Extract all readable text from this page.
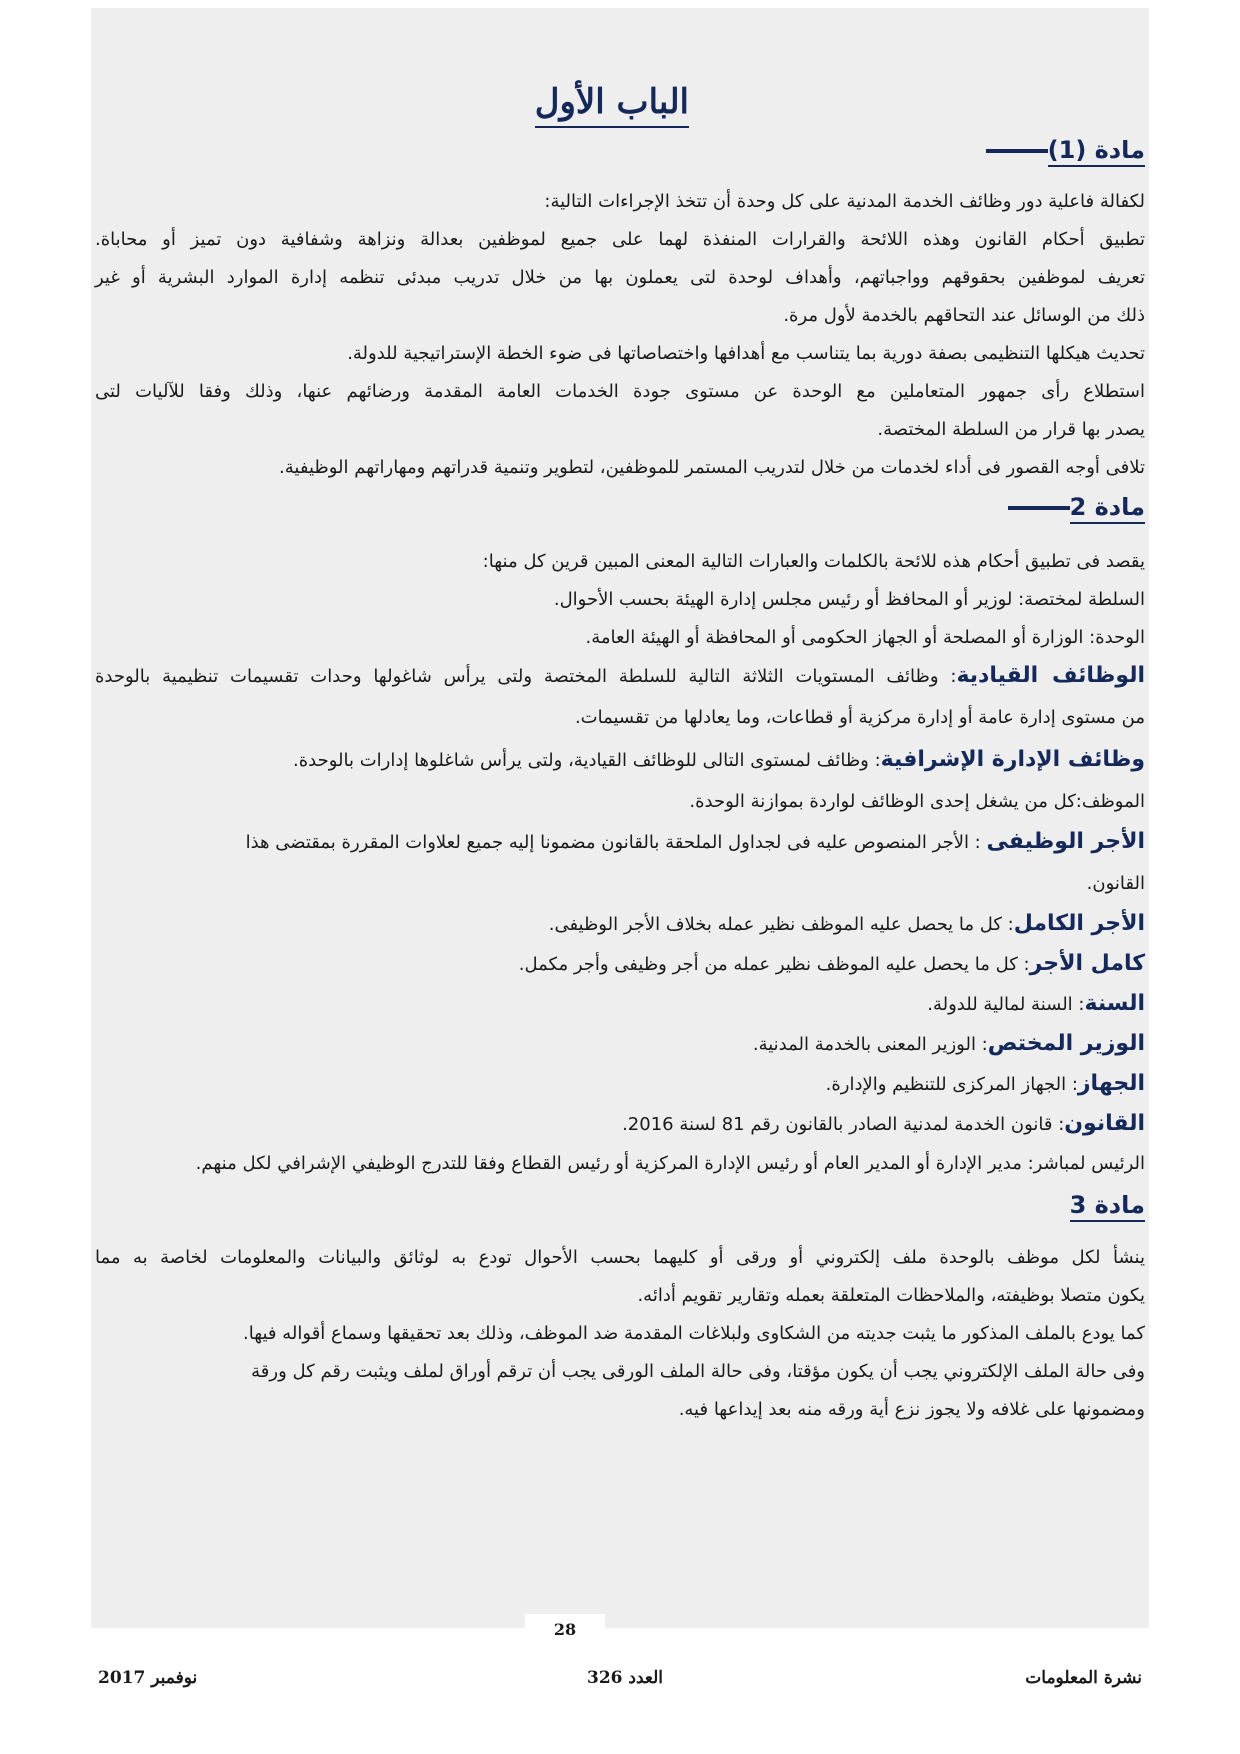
الباب الأول
مادة (1)
لكفالة فاعلية دور وظائف الخدمة المدنية على كل وحدة أن تتخذ الإجراءات التالية:
تطبيق أحكام القانون وهذه اللائحة والقرارات المنفذة لهما على جميع لموظفين بعدالة ونزاهة وشفافية دون تميز أو محاباة.
تعريف لموظفين بحقوقهم وواجباتهم، وأهداف لوحدة لتى يعملون بها من خلال تدريب مبدئى تنظمه إدارة الموارد البشرية أو غير
ذلك من الوسائل عند التحاقهم بالخدمة لأول مرة.
تحديث هيكلها التنظيمى بصفة دورية بما يتناسب مع أهدافها واختصاصاتها فى ضوء الخطة الإستراتيجية للدولة.
استطلاع رأى جمهور المتعاملين مع الوحدة عن مستوى جودة الخدمات العامة المقدمة ورضائهم عنها، وذلك وفقا للآليات لتى
يصدر بها قرار من السلطة المختصة.
تلافى أوجه القصور فى أداء لخدمات من خلال لتدريب المستمر للموظفين، لتطوير وتنمية قدراتهم ومهاراتهم الوظيفية.
مادة 2
يقصد فى تطبيق أحكام هذه للائحة بالكلمات والعبارات التالية المعنى المبين قرين كل منها:
السلطة لمختصة: لوزير أو المحافظ أو رئيس مجلس إدارة الهيئة بحسب الأحوال.
الوحدة: الوزارة أو المصلحة أو الجهاز الحكومى أو المحافظة أو الهيئة العامة.
الوظائف القيادية: وظائف المستويات الثلاثة التالية للسلطة المختصة ولتى يرأس شاغولها وحدات تقسيمات تنظيمية بالوحدة
من مستوى إدارة عامة أو إدارة مركزية أو قطاعات، وما يعادلها من تقسيمات.
وظائف الإدارة الإشرافية: وظائف لمستوى التالى للوظائف القيادية، ولتى يرأس شاغلوها إدارات بالوحدة.
الموظف:كل من يشغل إحدى الوظائف لواردة بموازنة الوحدة.
الأجر الوظيفى : الأجر المنصوص عليه فى لجداول الملحقة بالقانون مضمونا إليه جميع لعلاوات المقررة بمقتضى هذا
القانون.
الأجر الكامل: كل ما يحصل عليه الموظف نظير عمله بخلاف الأجر الوظيفى.
كامل الأجر: كل ما يحصل عليه الموظف نظير عمله من أجر وظيفى وأجر مكمل.
السنة: السنة لمالية للدولة.
الوزير المختص: الوزير المعنى بالخدمة المدنية.
الجهاز: الجهاز المركزى للتنظيم والإدارة.
القانون: قانون الخدمة لمدنية الصادر بالقانون رقم 81 لسنة 2016.
الرئيس لمباشر: مدير الإدارة أو المدير العام أو رئيس الإدارة المركزية أو رئيس القطاع وفقا للتدرج الوظيفي الإشرافي لكل منهم.
مادة 3
ينشأ لكل موظف بالوحدة ملف إلكتروني أو ورقى أو كليهما بحسب الأحوال تودع به لوثائق والبيانات والمعلومات لخاصة به مما
يكون متصلا بوظيفته، والملاحظات المتعلقة بعمله وتقارير تقويم أدائه.
كما يودع بالملف المذكور ما يثبت جديته من الشكاوى ولبلاغات المقدمة ضد الموظف، وذلك بعد تحقيقها وسماع أقواله فيها.
وفى حالة الملف الإلكتروني يجب أن يكون مؤقتا، وفى حالة الملف الورقى يجب أن ترقم أوراق لملف ويثبت رقم كل ورقة
ومضمونها على غلافه ولا يجوز نزع أية ورقه منه بعد إيداعها فيه.
28
نشرة المعلومات
العدد 326
نوفمبر 2017
